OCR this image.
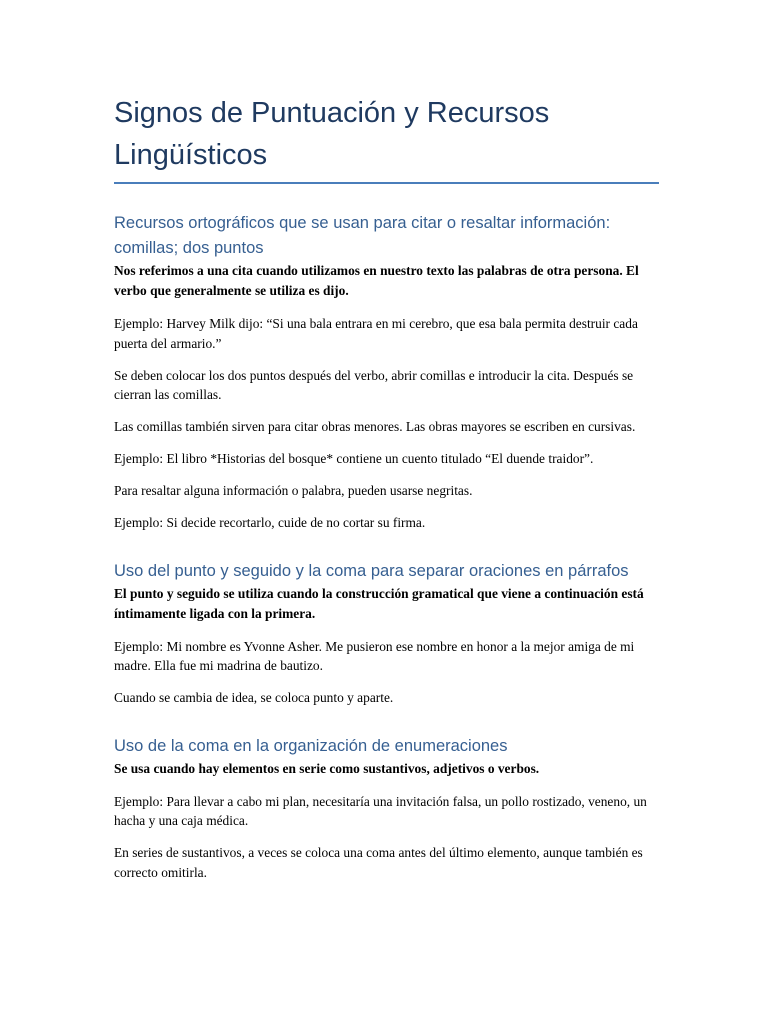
Signos de Puntuación y Recursos Lingüísticos
Recursos ortográficos que se usan para citar o resaltar información: comillas; dos puntos

Nos referimos a una cita cuando utilizamos en nuestro texto las palabras de otra persona. El verbo que generalmente se utiliza es dijo.

Ejemplo: Harvey Milk dijo: “Si una bala entrara en mi cerebro, que esa bala permita destruir cada puerta del armario.”

Se deben colocar los dos puntos después del verbo, abrir comillas e introducir la cita. Después se cierran las comillas.

Las comillas también sirven para citar obras menores. Las obras mayores se escriben en cursivas.

Ejemplo: El libro *Historias del bosque* contiene un cuento titulado “El duende traidor”.

Para resaltar alguna información o palabra, pueden usarse negritas.

Ejemplo: Si decide recortarlo, cuide de no cortar su firma.

Uso del punto y seguido y la coma para separar oraciones en párrafos

El punto y seguido se utiliza cuando la construcción gramatical que viene a continuación está íntimamente ligada con la primera.

Ejemplo: Mi nombre es Yvonne Asher. Me pusieron ese nombre en honor a la mejor amiga de mi madre. Ella fue mi madrina de bautizo.

Cuando se cambia de idea, se coloca punto y aparte.

Uso de la coma en la organización de enumeraciones

Se usa cuando hay elementos en serie como sustantivos, adjetivos o verbos.

Ejemplo: Para llevar a cabo mi plan, necesitaría una invitación falsa, un pollo rostizado, veneno, un hacha y una caja médica.

En series de sustantivos, a veces se coloca una coma antes del último elemento, aunque también es correcto omitirla.
